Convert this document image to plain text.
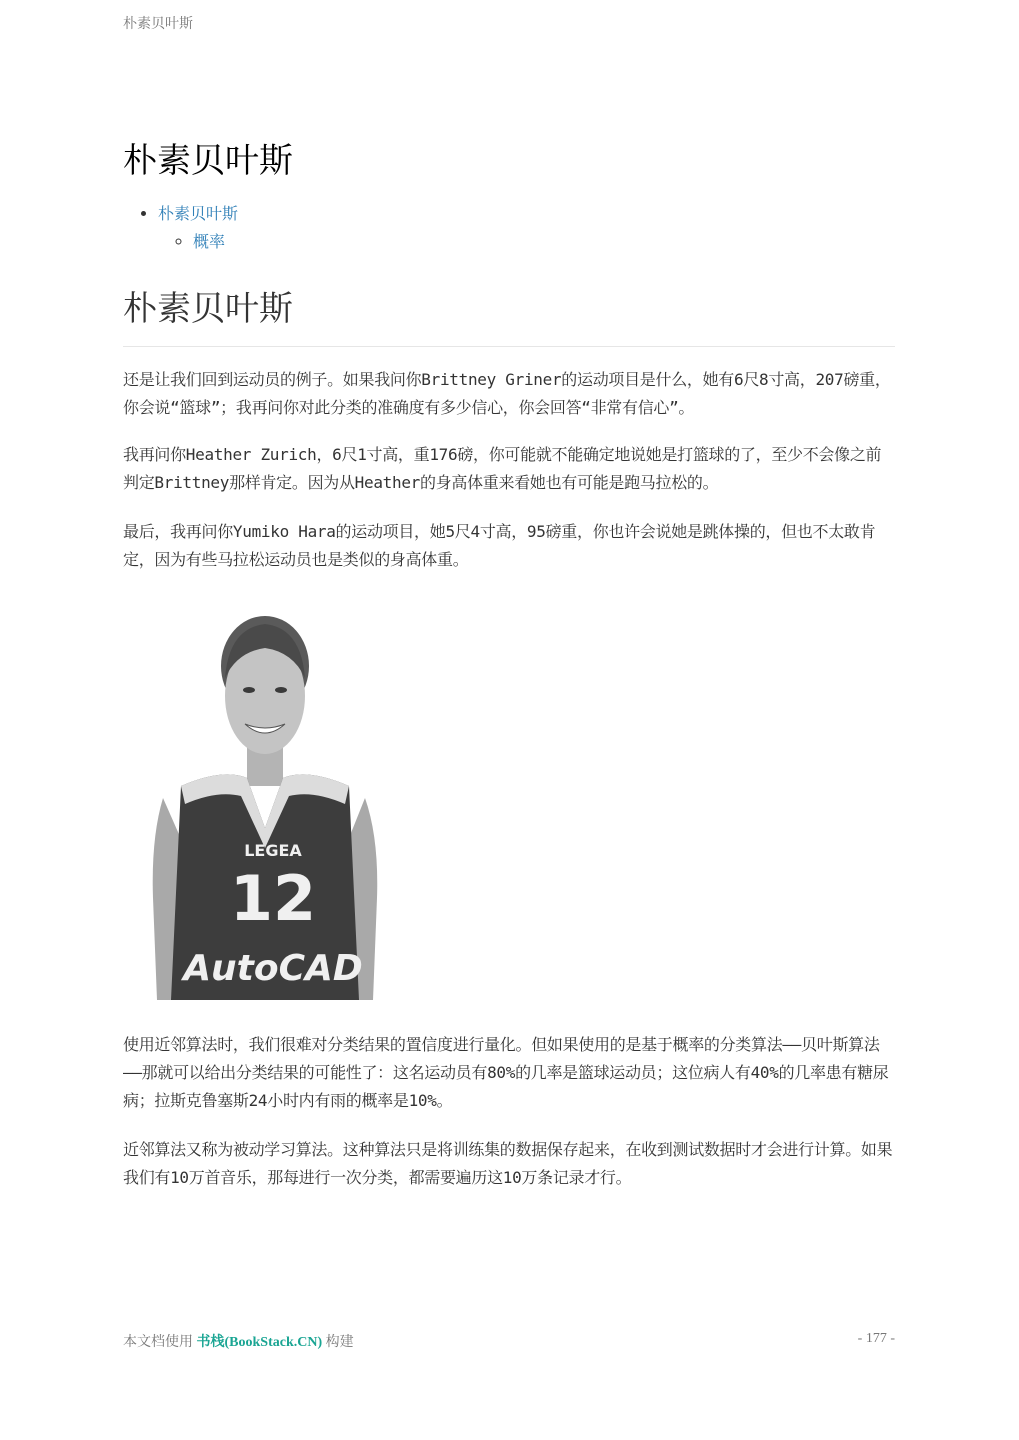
朴素贝叶斯
朴素贝叶斯
• 朴素贝叶斯
◦ 概率
朴素贝叶斯

还是让我们回到运动员的例子。如果我问你Brittney Griner的运动项目是什么，她有6尺8寸高，207磅重，你会说“篮球”；我再问你对此分类的准确度有多少信心，你会回答“非常有信心”。

我再问你Heather Zurich，6尺1寸高，重176磅，你可能就不能确定地说她是打篮球的了，至少不会像之前判定Brittney那样肯定。因为从Heather的身高体重来看她也有可能是跑马拉松的。

最后，我再问你Yumiko Hara的运动项目，她5尺4寸高，95磅重，你也许会说她是跳体操的，但也不太敢肯定，因为有些马拉松运动员也是类似的身高体重。

LEGEA
12
AutoCAD

使用近邻算法时，我们很难对分类结果的置信度进行量化。但如果使用的是基于概率的分类算法——贝叶斯算法——那就可以给出分类结果的可能性了：这名运动员有80%的几率是篮球运动员；这位病人有40%的几率患有糖尿病；拉斯克鲁塞斯24小时内有雨的概率是10%。

近邻算法又称为被动学习算法。这种算法只是将训练集的数据保存起来，在收到测试数据时才会进行计算。如果我们有10万首音乐，那每进行一次分类，都需要遍历这10万条记录才行。

本文档使用 书栈(BookStack.CN) 构建	- 177 -
